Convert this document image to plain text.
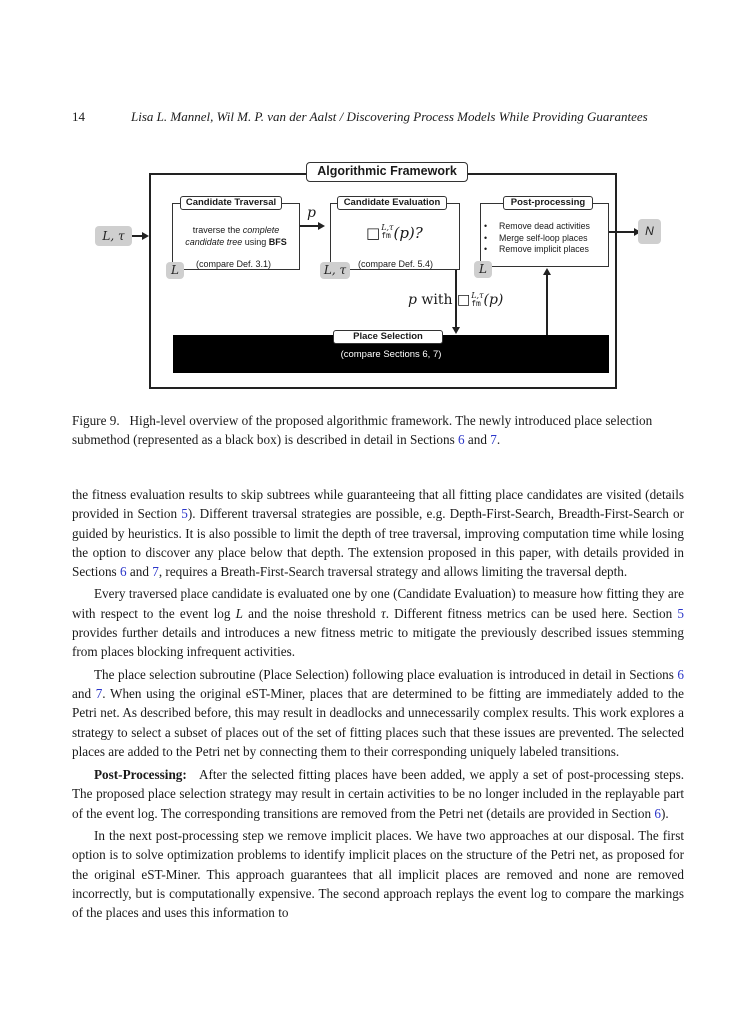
14	Lisa L. Mannel, Wil M. P. van der Aalst / Discovering Process Models While Providing Guarantees
Algorithmic Framework
L, τ
Candidate Traversal
traverse the complete
candidate tree using BFS
(compare Def. 3.1)
L
p
Candidate Evaluation
□L,τ
fm (p)?
(compare Def. 5.4)
L, τ
Post-processing
• Remove dead activities
• Merge self-loop places
• Remove implicit places
L
N
p with □L,τ
fm (p)
Place Selection
(compare Sections 6, 7)
Figure 9. High-level overview of the proposed algorithmic framework. The newly introduced place selection submethod (represented as a black box) is described in detail in Sections 6 and 7.

the fitness evaluation results to skip subtrees while guaranteeing that all fitting place candidates are visited (details provided in Section 5). Different traversal strategies are possible, e.g. Depth-First-Search, Breadth-First-Search or guided by heuristics. It is also possible to limit the depth of tree traversal, improving computation time while losing the option to discover any place below that depth. The extension proposed in this paper, with details provided in Sections 6 and 7, requires a Breath-First-Search traversal strategy and allows limiting the traversal depth.

Every traversed place candidate is evaluated one by one (Candidate Evaluation) to measure how fitting they are with respect to the event log L and the noise threshold τ. Different fitness metrics can be used here. Section 5 provides further details and introduces a new fitness metric to mitigate the previously described issues stemming from places blocking infrequent activities.

The place selection subroutine (Place Selection) following place evaluation is introduced in detail in Sections 6 and 7. When using the original eST-Miner, places that are determined to be fitting are immediately added to the Petri net. As described before, this may result in deadlocks and unnecessarily complex results. This work explores a strategy to select a subset of places out of the set of fitting places such that these issues are prevented. The selected places are added to the Petri net by connecting them to their corresponding uniquely labeled transitions.

Post-Processing:   After the selected fitting places have been added, we apply a set of post-processing steps. The proposed place selection strategy may result in certain activities to be no longer included in the replayable part of the event log. The corresponding transitions are removed from the Petri net (details are provided in Section 6).

In the next post-processing step we remove implicit places. We have two approaches at our disposal. The first option is to solve optimization problems to identify implicit places on the structure of the Petri net, as proposed for the original eST-Miner. This approach guarantees that all implicit places are removed and none are removed incorrectly, but is computationally expensive. The second approach replays the event log to compare the markings of the places and uses this information to
